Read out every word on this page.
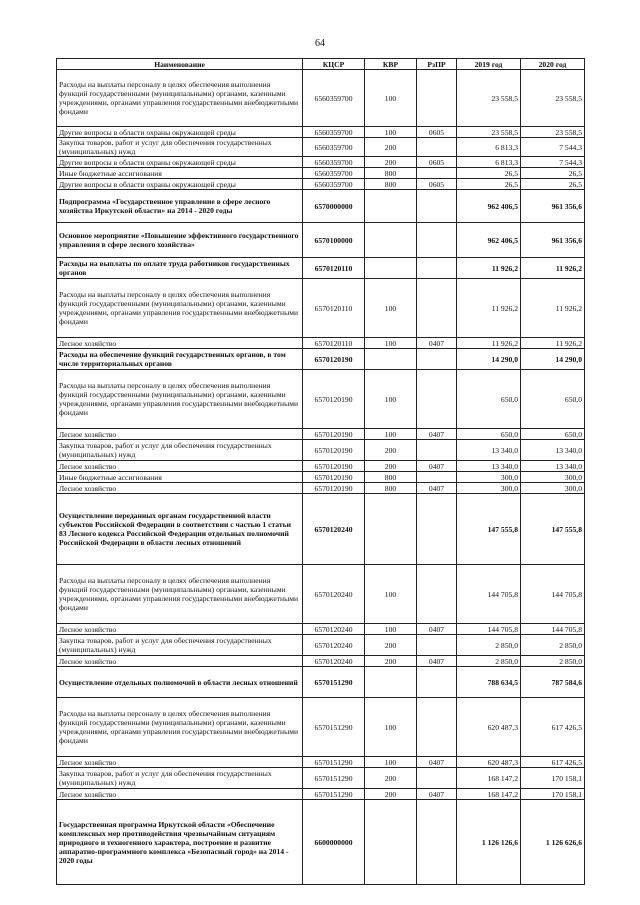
64
Наименование	КЦСР	КВР	РзПР	2019 год	2020 год
Расходы на выплаты персоналу в целях обеспечения выполнения функций государственными (муниципальными) органами, казенными учреждениями, органами управления государственными внебюджетными фондами	6560359700	100		23 558,5	23 558,5
Другие вопросы в области охраны окружающей среды	6560359700	100	0605	23 558,5	23 558,5
Закупка товаров, работ и услуг для обеспечения государственных (муниципальных) нужд	6560359700	200		6 813,3	7 544,3
Другие вопросы в области охраны окружающей среды	6560359700	200	0605	6 813,3	7 544,3
Иные бюджетные ассигнования	6560359700	800		26,5	26,5
Другие вопросы в области охраны окружающей среды	6560359700	800	0605	26,5	26,5
Подпрограмма «Государственное управление в сфере лесного хозяйства Иркутской области» на 2014 - 2020 годы	6570000000			962 406,5	961 356,6
Основное мероприятие «Повышение эффективного государственного управления в сфере лесного хозяйства»	6570100000			962 406,5	961 356,6
Расходы на выплаты по оплате труда работников государственных органов	6570120110			11 926,2	11 926,2
Расходы на выплаты персоналу в целях обеспечения выполнения функций государственными (муниципальными) органами, казенными учреждениями, органами управления государственными внебюджетными фондами	6570120110	100		11 926,2	11 926,2
Лесное хозяйство	6570120110	100	0407	11 926,2	11 926,2
Расходы на обеспечение функций государственных органов, в том числе территориальных органов	6570120190			14 290,0	14 290,0
Расходы на выплаты персоналу в целях обеспечения выполнения функций государственными (муниципальными) органами, казенными учреждениями, органами управления государственными внебюджетными фондами	6570120190	100		650,0	650,0
Лесное хозяйство	6570120190	100	0407	650,0	650,0
Закупка товаров, работ и услуг для обеспечения государственных (муниципальных) нужд	6570120190	200		13 340,0	13 340,0
Лесное хозяйство	6570120190	200	0407	13 340,0	13 340,0
Иные бюджетные ассигнования	6570120190	800		300,0	300,0
Лесное хозяйство	6570120190	800	0407	300,0	300,0
Осуществление переданных органам государственной власти субъектов Российской Федерации в соответствии с частью 1 статьи 83 Лесного кодекса Российской Федерации отдельных полномочий Российской Федерации в области лесных отношений	6570120240			147 555,8	147 555,8
Расходы на выплаты персоналу в целях обеспечения выполнения функций государственными (муниципальными) органами, казенными учреждениями, органами управления государственными внебюджетными фондами	6570120240	100		144 705,8	144 705,8
Лесное хозяйство	6570120240	100	0407	144 705,8	144 705,8
Закупка товаров, работ и услуг для обеспечения государственных (муниципальных) нужд	6570120240	200		2 850,0	2 850,0
Лесное хозяйство	6570120240	200	0407	2 850,0	2 850,0
Осуществление отдельных полномочий в области лесных отношений	6570151290			788 634,5	787 584,6
Расходы на выплаты персоналу в целях обеспечения выполнения функций государственными (муниципальными) органами, казенными учреждениями, органами управления государственными внебюджетными фондами	6570151290	100		620 487,3	617 426,5
Лесное хозяйство	6570151290	100	0407	620 487,3	617 426,5
Закупка товаров, работ и услуг для обеспечения государственных (муниципальных) нужд	6570151290	200		168 147,2	170 158,1
Лесное хозяйство	6570151290	200	0407	168 147,2	170 158,1
Государственная программа Иркутской области «Обеспечение комплексных мер противодействия чрезвычайным ситуациям природного и техногенного характера, построение и развитие аппаратно-программного комплекса «Безопасный город» на 2014 - 2020 годы	6600000000			1 126 126,6	1 126 626,6
